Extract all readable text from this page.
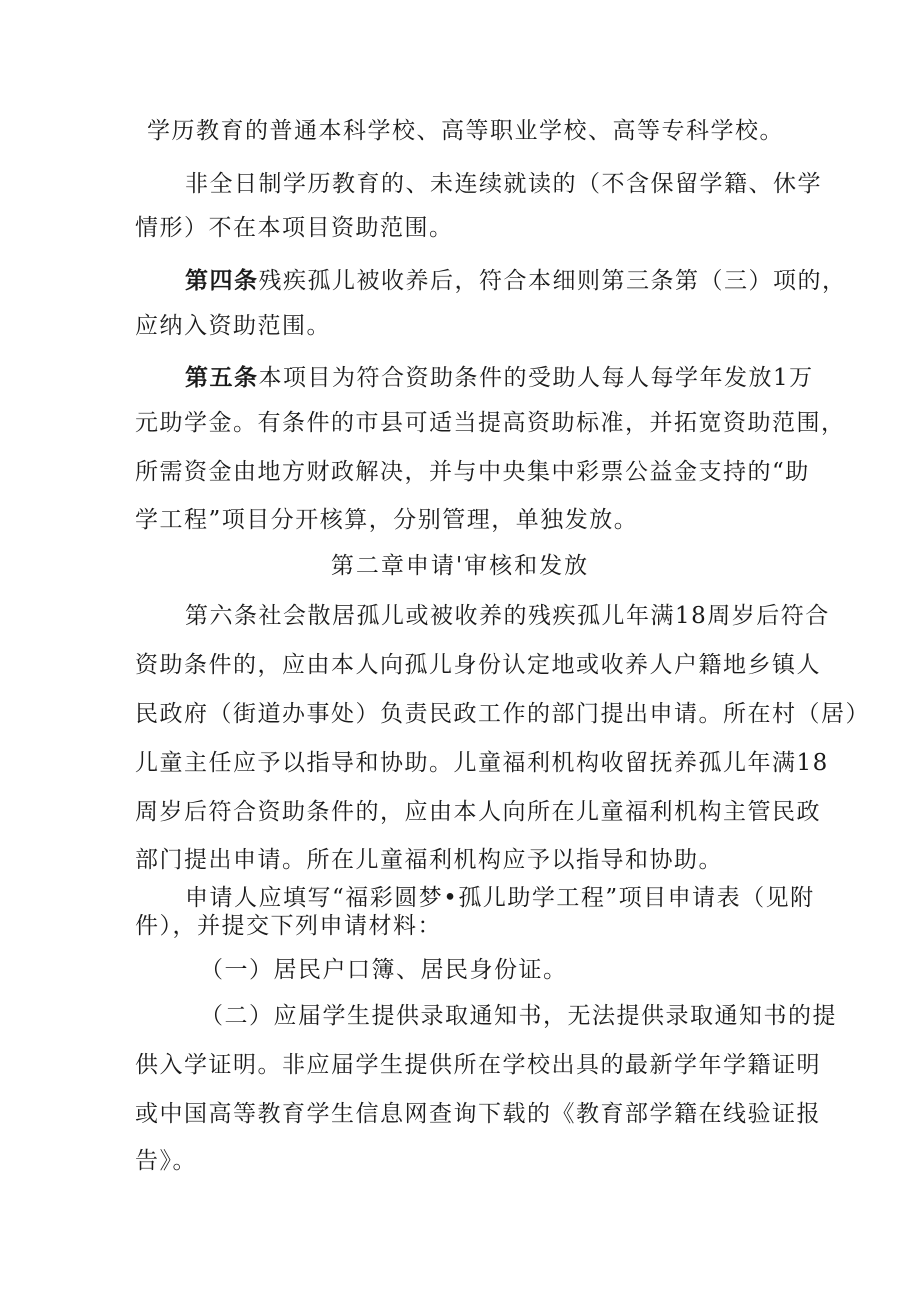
学历教育的普通本科学校、高等职业学校、高等专科学校。
非全日制学历教育的、未连续就读的（不含保留学籍、休学
情形）不在本项目资助范围。
第四条残疾孤儿被收养后，符合本细则第三条第（三）项的，
应纳入资助范围。
第五条本项目为符合资助条件的受助人每人每学年发放1万
元助学金。有条件的市县可适当提高资助标准，并拓宽资助范围，
所需资金由地方财政解决，并与中央集中彩票公益金支持的“助
学工程”项目分开核算，分别管理，单独发放。
第二章申请'审核和发放
第六条社会散居孤儿或被收养的残疾孤儿年满18周岁后符合
资助条件的，应由本人向孤儿身份认定地或收养人户籍地乡镇人
民政府（街道办事处）负责民政工作的部门提出申请。所在村（居）
儿童主任应予以指导和协助。儿童福利机构收留抚养孤儿年满18
周岁后符合资助条件的，应由本人向所在儿童福利机构主管民政
部门提出申请。所在儿童福利机构应予以指导和协助。
申请人应填写“福彩圆梦•孤儿助学工程”项目申请表（见附
件），并提交下列申请材料：
（一）居民户口簿、居民身份证。
（二）应届学生提供录取通知书，无法提供录取通知书的提
供入学证明。非应届学生提供所在学校出具的最新学年学籍证明
或中国高等教育学生信息网查询下载的《教育部学籍在线验证报
告》。
